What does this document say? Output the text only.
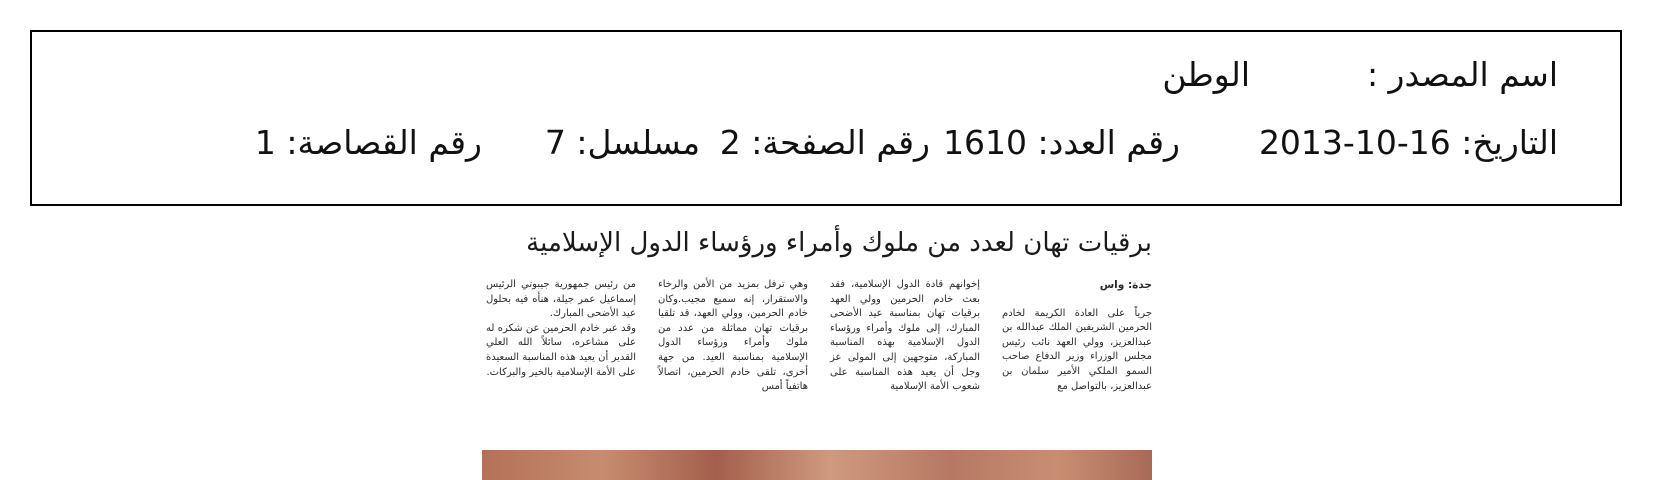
اسم المصدر :
الوطن
التاريخ: 2013-10-16
رقم العدد: 1610
رقم الصفحة: 2
مسلسل: 7
رقم القصاصة: 1
برقيات تهان لعدد من ملوك وأمراء ورؤساء الدول الإسلامية

جدة: واس

جرياً على العادة الكريمة لخادم الحرمين الشريفين الملك عبدالله بن عبدالعزيز، وولي العهد نائب رئيس مجلس الوزراء وزير الدفاع صاحب السمو الملكي الأمير سلمان بن عبدالعزيز، بالتواصل مع

إخوانهم قادة الدول الإسلامية، فقد بعث خادم الحرمين وولي العهد برقيات تهان بمناسبة عيد الأضحى المبارك، إلى ملوك وأمراء ورؤساء الدول الإسلامية بهذه المناسبة المباركة، متوجهين إلى المولى عز وجل أن يعيد هذه المناسبة على شعوب الأمة الإسلامية

وهي ترفل بمزيد من الأمن والرخاء والاستقرار، إنه سميع مجيب.وكان خادم الحرمين، وولي العهد، قد تلقيا برقيات تهان مماثلة من عدد من ملوك وأمراء ورؤساء الدول الإسلامية بمناسبة العيد. من جهة أخرى، تلقى خادم الحرمين، اتصالاً هاتفياً أمس

من رئيس جمهورية جيبوتي الرئيس إسماعيل عمر جيلة، هنأه فيه بحلول عيد الأضحى المبارك.

وقد عبر خادم الحرمين عن شكره له على مشاعره، سائلاً الله العلي القدير أن يعيد هذه المناسبة السعيدة على الأمة الإسلامية بالخير والبركات.
